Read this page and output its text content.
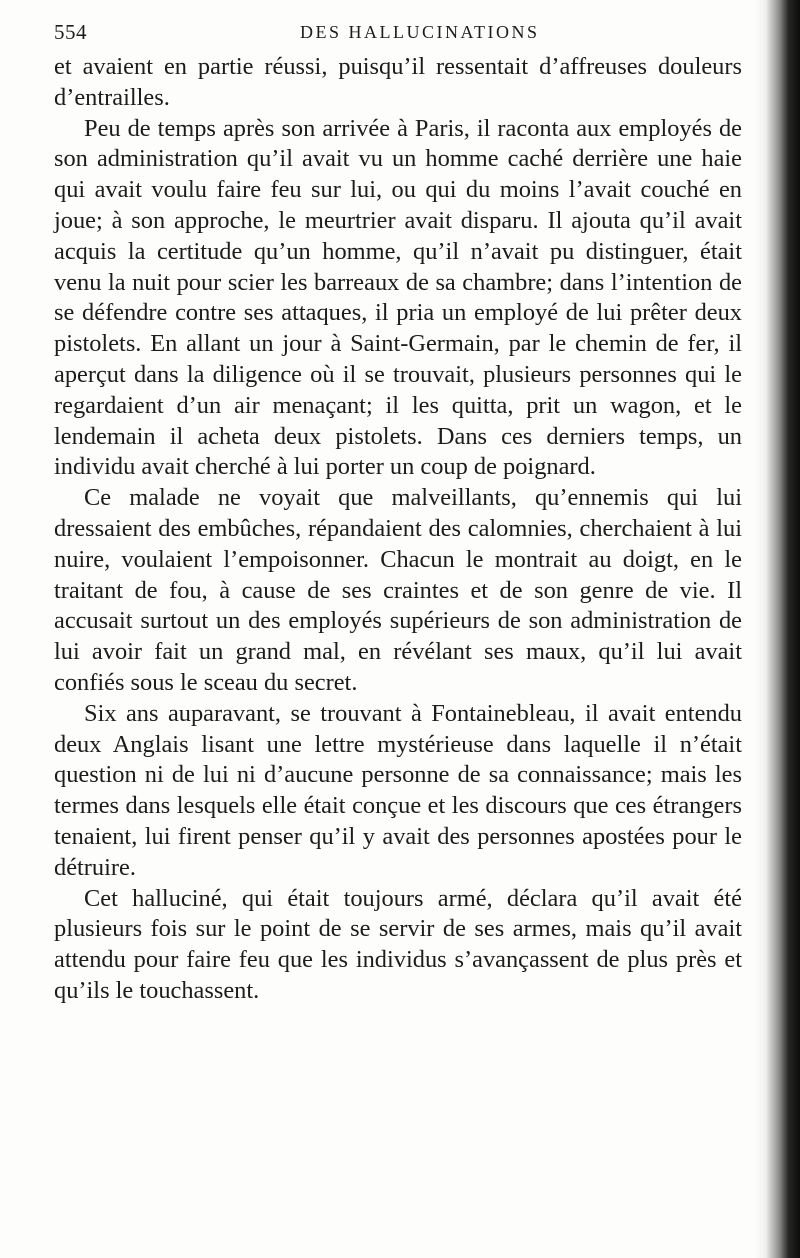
554	DES HALLUCINATIONS

et avaient en partie réussi, puisqu’il ressentait d’affreuses douleurs d’entrailles.

Peu de temps après son arrivée à Paris, il raconta aux employés de son administration qu’il avait vu un homme caché derrière une haie qui avait voulu faire feu sur lui, ou qui du moins l’avait couché en joue; à son approche, le meurtrier avait disparu. Il ajouta qu’il avait acquis la certitude qu’un homme, qu’il n’avait pu distinguer, était venu la nuit pour scier les barreaux de sa chambre; dans l’intention de se défendre contre ses attaques, il pria un employé de lui prêter deux pistolets. En allant un jour à Saint-Germain, par le chemin de fer, il aperçut dans la diligence où il se trouvait, plusieurs personnes qui le regardaient d’un air menaçant; il les quitta, prit un wagon, et le lendemain il acheta deux pistolets. Dans ces derniers temps, un individu avait cherché à lui porter un coup de poignard.

Ce malade ne voyait que malveillants, qu’ennemis qui lui dressaient des embûches, répandaient des calomnies, cherchaient à lui nuire, voulaient l’empoisonner. Chacun le montrait au doigt, en le traitant de fou, à cause de ses craintes et de son genre de vie. Il accusait surtout un des employés supérieurs de son administration de lui avoir fait un grand mal, en révélant ses maux, qu’il lui avait confiés sous le sceau du secret.

Six ans auparavant, se trouvant à Fontainebleau, il avait entendu deux Anglais lisant une lettre mystérieuse dans laquelle il n’était question ni de lui ni d’aucune personne de sa connaissance; mais les termes dans lesquels elle était conçue et les discours que ces étrangers tenaient, lui firent penser qu’il y avait des personnes apostées pour le détruire.

Cet halluciné, qui était toujours armé, déclara qu’il avait été plusieurs fois sur le point de se servir de ses armes, mais qu’il avait attendu pour faire feu que les individus s’avançassent de plus près et qu’ils le touchassent.
